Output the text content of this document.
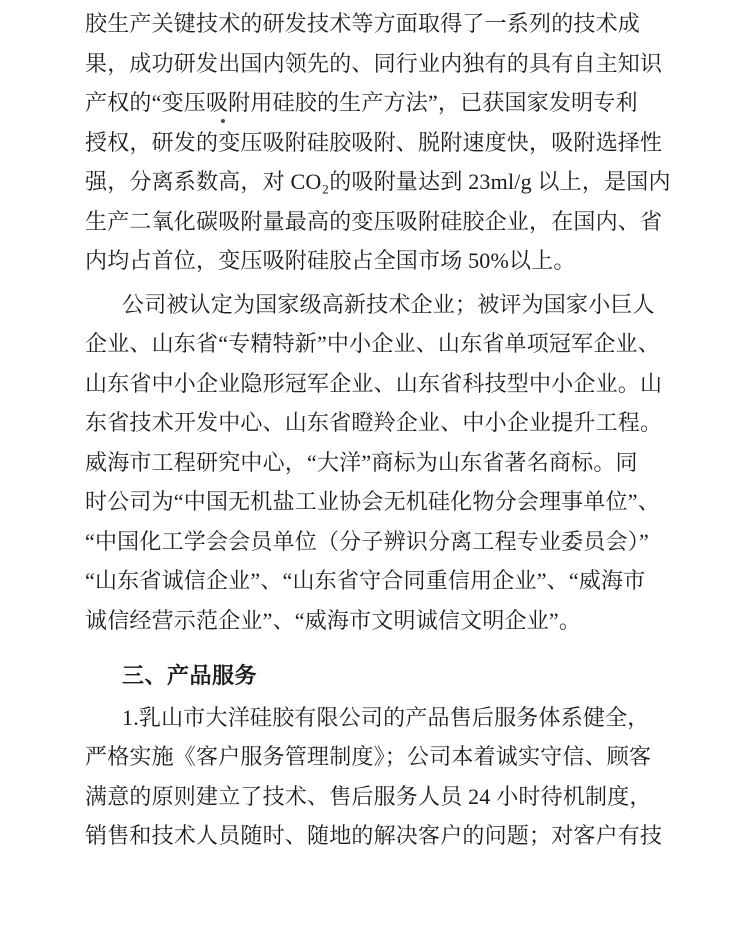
胶生产关键技术的研发技术等方面取得了一系列的技术成
果，成功研发出国内领先的、同行业内独有的具有自主知识
产权的“变压吸附用硅胶的生产方法”，已获国家发明专利
授权，研发的变压吸附硅胶吸附、脱附速度快，吸附选择性
强，分离系数高，对 CO₂的吸附量达到 23ml/g 以上，是国内
生产二氧化碳吸附量最高的变压吸附硅胶企业，在国内、省
内均占首位，变压吸附硅胶占全国市场 50%以上。
公司被认定为国家级高新技术企业；被评为国家小巨人
企业、山东省“专精特新”中小企业、山东省单项冠军企业、
山东省中小企业隐形冠军企业、山东省科技型中小企业。山
东省技术开发中心、山东省瞪羚企业、中小企业提升工程。
威海市工程研究中心，“大洋”商标为山东省著名商标。同
时公司为“中国无机盐工业协会无机硅化物分会理事单位”、
“中国化工学会会员单位（分子辨识分离工程专业委员会）”
“山东省诚信企业”、“山东省守合同重信用企业”、“威海市
诚信经营示范企业”、“威海市文明诚信文明企业”。
三、产品服务
1.乳山市大洋硅胶有限公司的产品售后服务体系健全，
严格实施《客户服务管理制度》；公司本着诚实守信、顾客
满意的原则建立了技术、售后服务人员 24 小时待机制度，
销售和技术人员随时、随地的解决客户的问题；对客户有技
